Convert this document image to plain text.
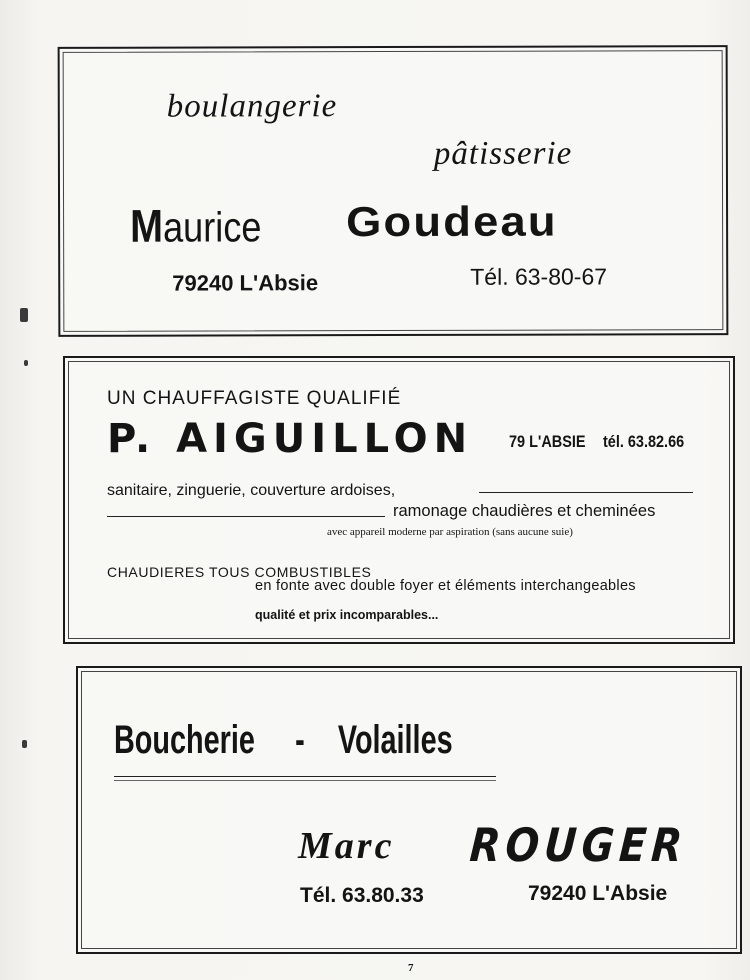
boulangerie
pâtisserie
Maurice	Goudeau
79240 L'Absie	Tél. 63-80-67
UN CHAUFFAGISTE QUALIFIÉ
P. AIGUILLON 79 L'ABSIE tél. 63.82.66
sanitaire, zinguerie, couverture ardoises,
ramonage chaudières et cheminées
avec appareil moderne par aspiration (sans aucune suie)
CHAUDIERES TOUS COMBUSTIBLES
en fonte avec double foyer et éléments interchangeables
qualité et prix incomparables...
Boucherie - Volailles
Marc ROUGER
Tél. 63.80.33	79240 L'Absie
7
